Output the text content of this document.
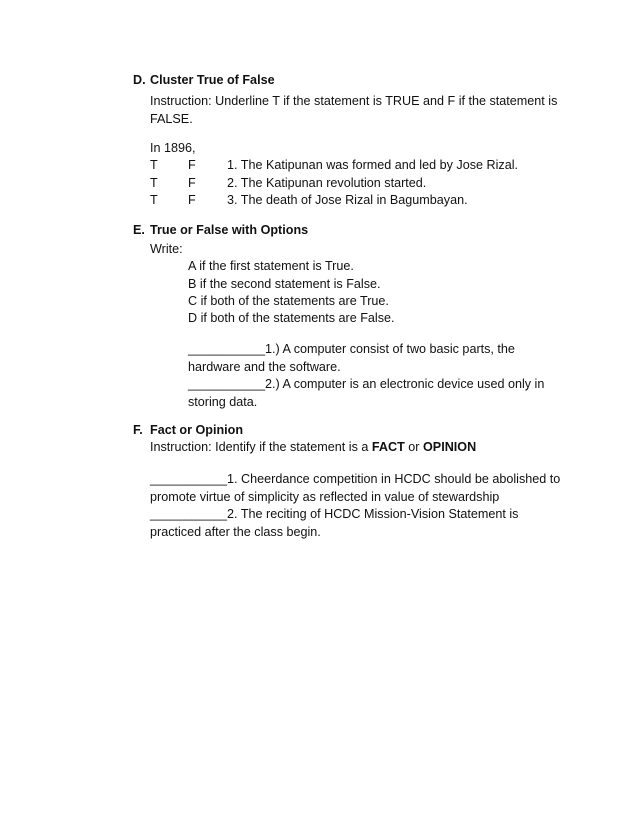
D. Cluster True of False
Instruction: Underline T if the statement is TRUE and F if the statement is
FALSE.
In 1896,
T F 1. The Katipunan was formed and led by Jose Rizal.
T F 2. The Katipunan revolution started.
T F 3. The death of Jose Rizal in Bagumbayan.
E. True or False with Options
Write:
A if the first statement is True.
B if the second statement is False.
C if both of the statements are True.
D if both of the statements are False.
___________1.) A computer consist of two basic parts, the
hardware and the software.
___________2.) A computer is an electronic device used only in
storing data.
F. Fact or Opinion
Instruction: Identify if the statement is a FACT or OPINION
___________1. Cheerdance competition in HCDC should be abolished to
promote virtue of simplicity as reflected in value of stewardship
___________2. The reciting of HCDC Mission-Vision Statement is
practiced after the class begin.
